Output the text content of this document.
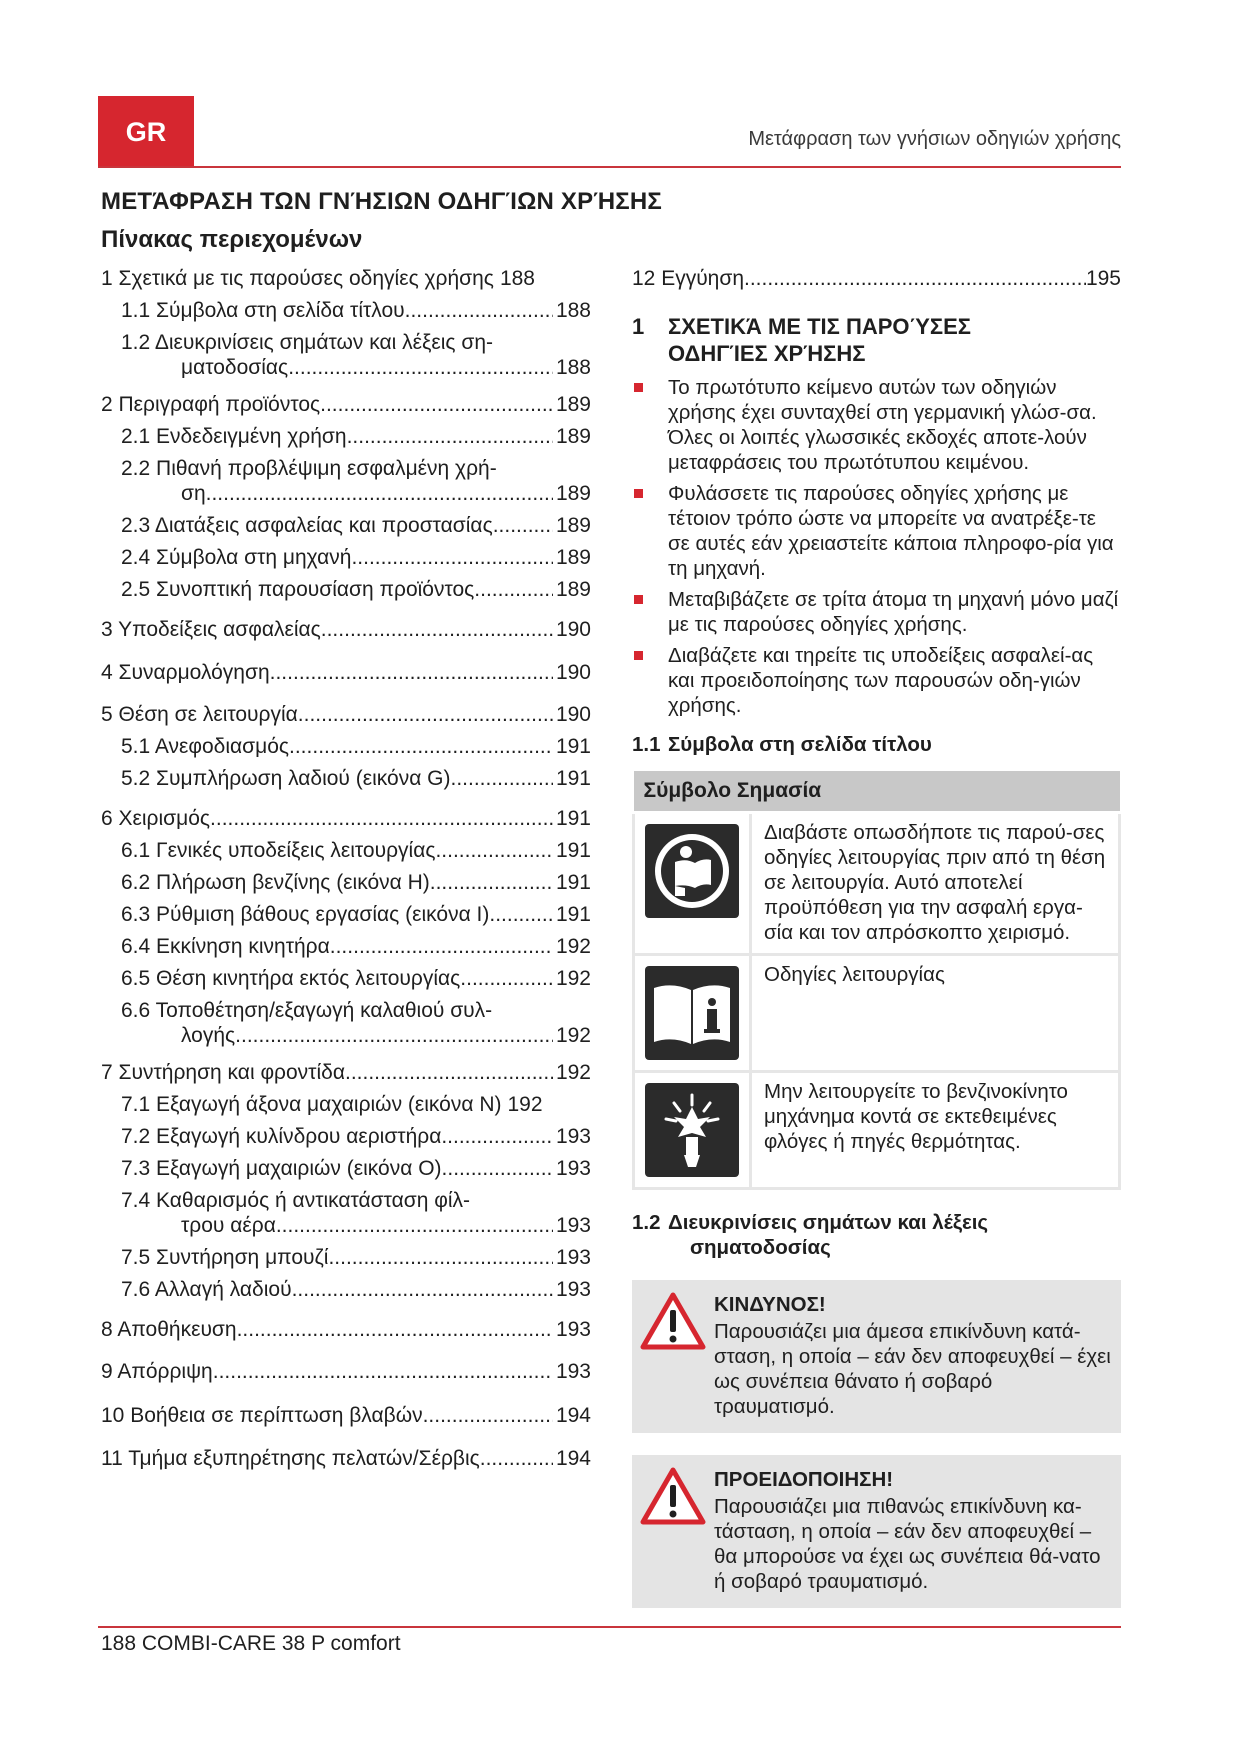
GR	Μετάφραση των γνήσιων οδηγιών χρήσης
ΜΕΤΆΦΡΑΣΗ ΤΩΝ ΓΝΉΣΙΩΝ ΟΔΗΓΊΩΝ ΧΡΉΣΗΣ
Πίνακας περιεχομένων
1 Σχετικά με τις παρούσες οδηγίες χρήσης 188
1.1 Σύμβολα στη σελίδα τίτλου .....	188
1.2 Διευκρινίσεις σημάτων και λέξεις ση-
ματοδοσίας .....	188
2 Περιγραφή προϊόντος .....	189
2.1 Ενδεδειγμένη χρήση .....	189
2.2 Πιθανή προβλέψιμη εσφαλμένη χρή-
ση .....	189
2.3 Διατάξεις ασφαλείας και προστασίας .....	189
2.4 Σύμβολα στη μηχανή .....	189
2.5 Συνοπτική παρουσίαση προϊόντος .....	189
3 Υποδείξεις ασφαλείας .....	190
4 Συναρμολόγηση .....	190
5 Θέση σε λειτουργία .....	190
5.1 Ανεφοδιασμός .....	191
5.2 Συμπλήρωση λαδιού (εικόνα G) .....	191
6 Χειρισμός .....	191
6.1 Γενικές υποδείξεις λειτουργίας .....	191
6.2 Πλήρωση βενζίνης (εικόνα H) .....	191
6.3 Ρύθμιση βάθους εργασίας (εικόνα I) .....	191
6.4 Εκκίνηση κινητήρα .....	192
6.5 Θέση κινητήρα εκτός λειτουργίας .....	192
6.6 Τοποθέτηση/εξαγωγή καλαθιού συλ-
λογής .....	192
7 Συντήρηση και φροντίδα .....	192
7.1 Εξαγωγή άξονα μαχαιριών (εικόνα N) 192
7.2 Εξαγωγή κυλίνδρου αεριστήρα .....	193
7.3 Εξαγωγή μαχαιριών (εικόνα O) .....	193
7.4 Καθαρισμός ή αντικατάσταση φίλ-
τρου αέρα .....	193
7.5 Συντήρηση μπουζί .....	193
7.6 Αλλαγή λαδιού .....	193
8 Αποθήκευση .....	193
9 Απόρριψη .....	193
10 Βοήθεια σε περίπτωση βλαβών .....	194
11 Τμήμα εξυπηρέτησης πελατών/Σέρβις .....	194
12 Εγγύηση .....	195
1 ΣΧΕΤΙΚΆ ΜΕ ΤΙΣ ΠΑΡΟΎΣΕΣ
ΟΔΗΓΊΕΣ ΧΡΉΣΗΣ
Το πρωτότυπο κείμενο αυτών των οδηγιών χρήσης έχει συνταχθεί στη γερμανική γλώσ-σα. Όλες οι λοιπές γλωσσικές εκδοχές αποτε-λούν μεταφράσεις του πρωτότυπου κειμένου.
Φυλάσσετε τις παρούσες οδηγίες χρήσης με τέτοιον τρόπο ώστε να μπορείτε να ανατρέξε-τε σε αυτές εάν χρειαστείτε κάποια πληροφο-ρία για τη μηχανή.
Μεταβιβάζετε σε τρίτα άτομα τη μηχανή μόνο μαζί με τις παρούσες οδηγίες χρήσης.
Διαβάζετε και τηρείτε τις υποδείξεις ασφαλεί-ας και προειδοποίησης των παρουσών οδη-γιών χρήσης.
1.1 Σύμβολα στη σελίδα τίτλου
Σύμβολο Σημασία	

	Διαβάστε οπωσδήποτε τις παρού-σες οδηγίες λειτουργίας πριν από τη θέση σε λειτουργία. Αυτό αποτελεί προϋπόθεση για την ασφαλή εργα-σία και τον απρόσκοπτο χειρισμό.

	Οδηγίες λειτουργίας

	Μην λειτουργείτε το βενζινοκίνητο μηχάνημα κοντά σε εκτεθειμένες φλόγες ή πηγές θερμότητας.
1.2 Διευκρινίσεις σημάτων και λέξεις
σηματοδοσίας
ΚΙΝΔΥΝΟΣ!
Παρουσιάζει μια άμεσα επικίνδυνη κατά-σταση, η οποία – εάν δεν αποφευχθεί – έχει ως συνέπεια θάνατο ή σοβαρό τραυματισμό.
ΠΡΟΕΙΔΟΠΟΙΗΣΗ!
Παρουσιάζει μια πιθανώς επικίνδυνη κα-τάσταση, η οποία – εάν δεν αποφευχθεί – θα μπορούσε να έχει ως συνέπεια θά-νατο ή σοβαρό τραυματισμό.
188 COMBI-CARE 38 P comfort
